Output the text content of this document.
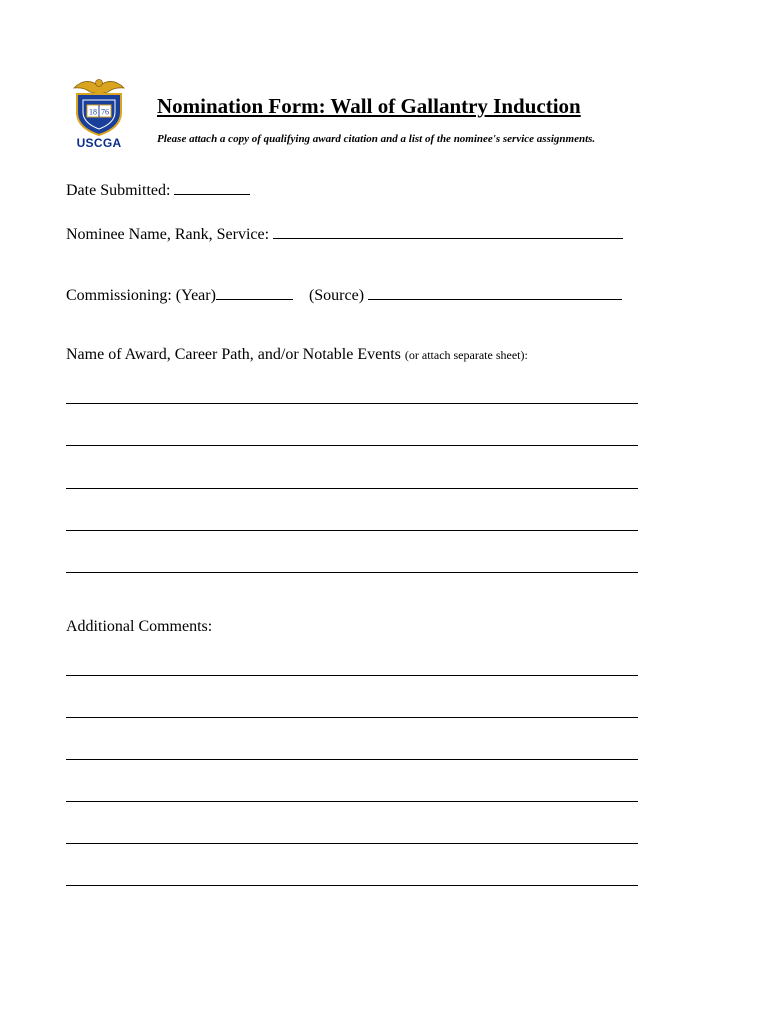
18 76
USCGA
Nomination Form: Wall of Gallantry Induction
Please attach a copy of qualifying award citation and a list of the nominee's service assignments.
Date Submitted:
Nominee Name, Rank, Service:
Commissioning: (Year)	(Source)
Name of Award, Career Path, and/or Notable Events (or attach separate sheet):
Additional Comments:
